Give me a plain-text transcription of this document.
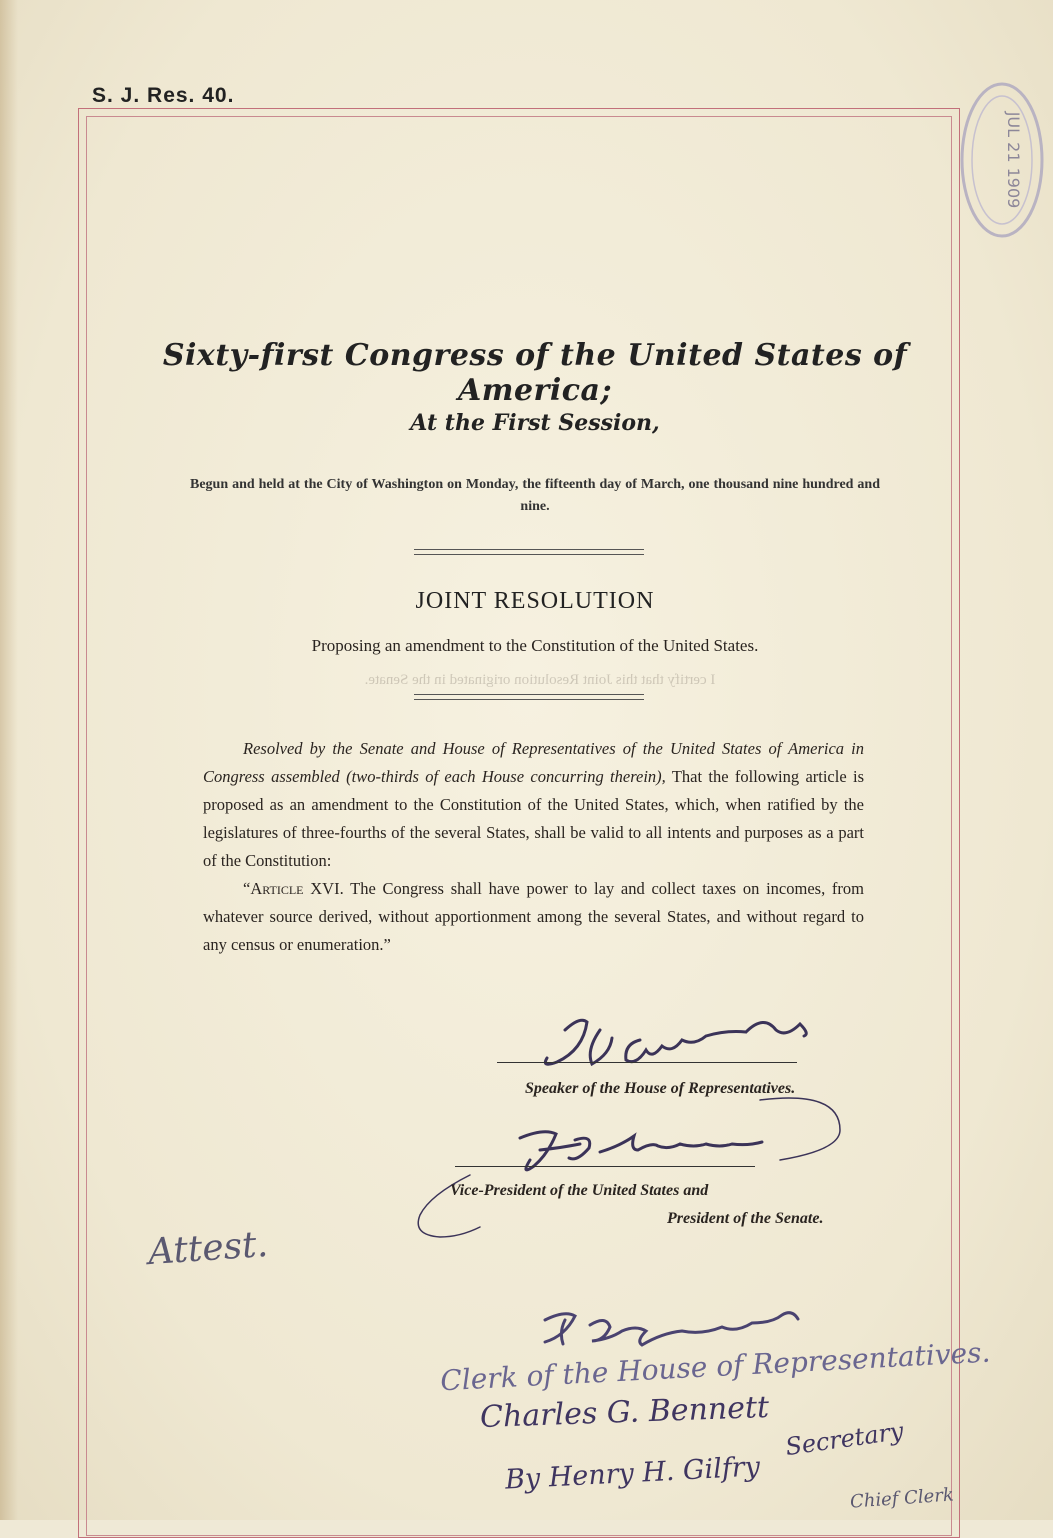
S. J. Res. 40.
JUL 21 1909
Sixty-first Congress of the United States of America;
At the First Session,
Begun and held at the City of Washington on Monday, the fifteenth day of March, one thousand nine hundred and nine.
JOINT RESOLUTION
Proposing an amendment to the Constitution of the United States.
I certify that this Joint Resolution originated in the Senate.

Resolved by the Senate and House of Representatives of the United States of America in Congress assembled (two-thirds of each House concurring therein), That the following article is proposed as an amendment to the Constitution of the United States, which, when ratified by the legislatures of three-fourths of the several States, shall be valid to all intents and purposes as a part of the Constitution:

“Article XVI. The Congress shall have power to lay and collect taxes on incomes, from whatever source derived, without apportionment among the several States, and without regard to any census or enumeration.”

Speaker of the House of Representatives.
Vice-President of the United States and
President of the Senate.
Attest.
Clerk of the House of Representatives.
Charles G. Bennett
Secretary
By Henry H. Gilfry
Chief Clerk
